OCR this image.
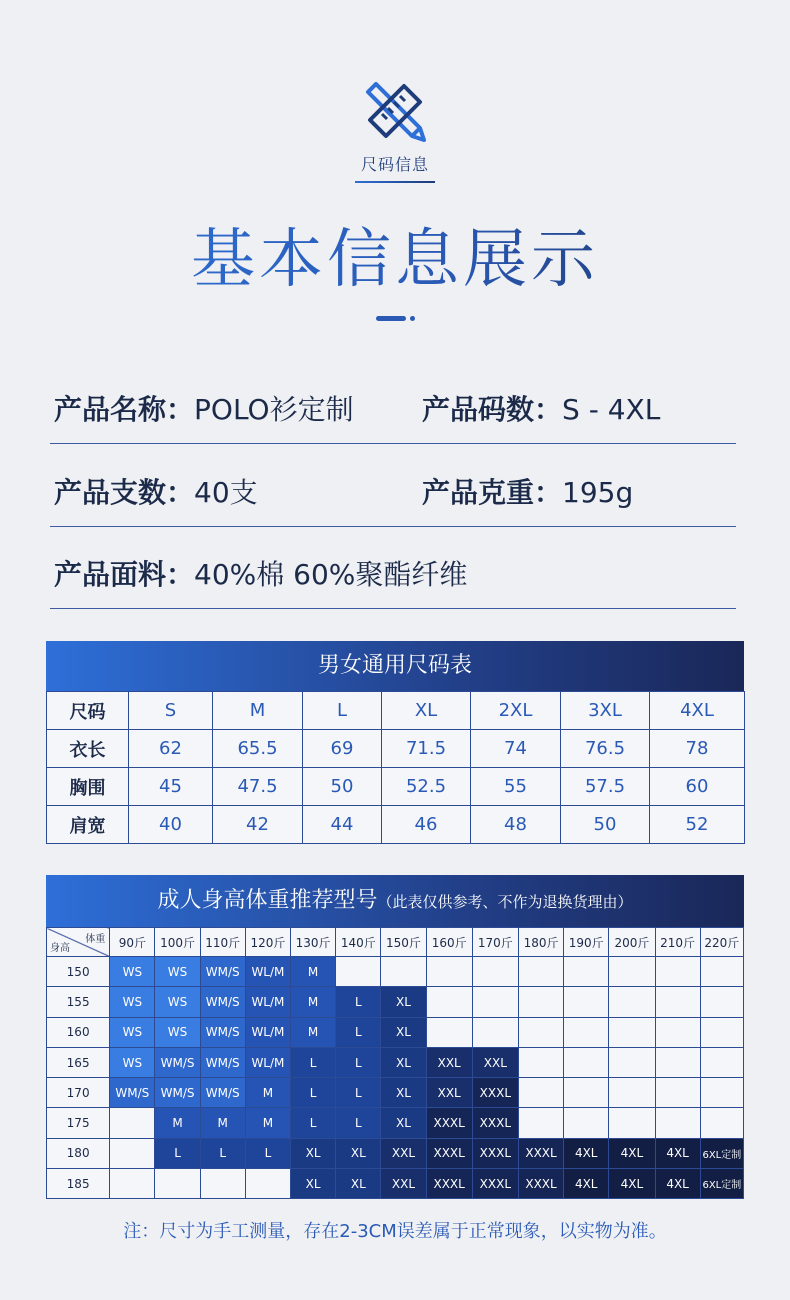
尺码信息
基本信息展示
产品名称：POLO衫定制 产品码数：S - 4XL
产品支数：40支	产品克重：195g
产品面料：40%棉 60%聚酯纤维
男女通用尺码表
尺码	S	M	L	XL	2XL	3XL	4XL
衣长	62	65.5	69	71.5	74	76.5	78
胸围	45	47.5	50	52.5	55	57.5	60
肩宽	40	42	44	46	48	50	52
成人身高体重推荐型号（此表仅供参考、不作为退换货理由）
体重
身高	90斤	100斤	110斤	120斤	130斤	140斤	150斤	160斤	170斤	180斤	190斤	200斤	210斤	220斤
150	WS	WS	WM/S	WL/M	M									
155	WS	WS	WM/S	WL/M	M	L	XL							
160	WS	WS	WM/S	WL/M	M	L	XL							
165	WS	WM/S	WM/S	WL/M	L	L	XL	XXL	XXL					
170	WM/S	WM/S	WM/S	M	L	L	XL	XXL	XXXL					
175		M	M	M	L	L	XL	XXXL	XXXL					
180		L	L	L	XL	XL	XXL	XXXL	XXXL	XXXL	4XL	4XL	4XL	6XL定制
185					XL	XL	XXL	XXXL	XXXL	XXXL	4XL	4XL	4XL	6XL定制
注：尺寸为手工测量，存在2-3CM误差属于正常现象，以实物为准。
